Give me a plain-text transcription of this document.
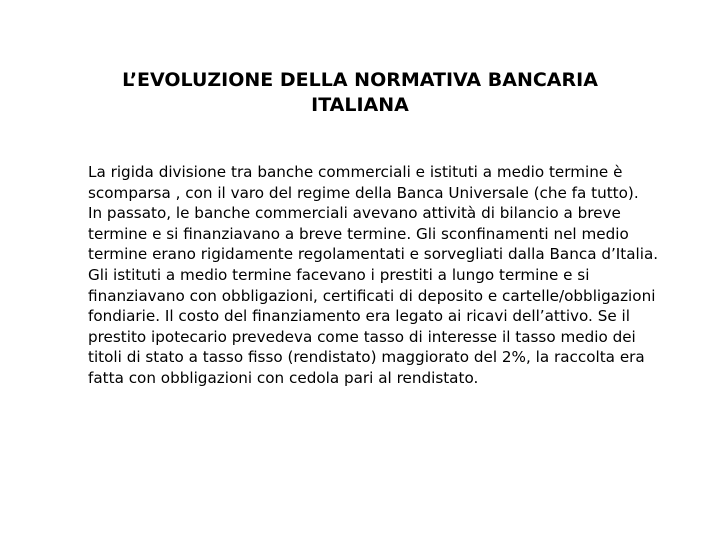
L’EVOLUZIONE DELLA NORMATIVA BANCARIA
ITALIANA

La rigida divisione tra banche commerciali e istituti a medio termine è scomparsa , con il varo del regime della Banca Universale (che fa tutto).

In passato, le banche commerciali avevano attività di bilancio a breve termine e si finanziavano a breve termine. Gli sconfinamenti nel medio termine erano rigidamente regolamentati e sorvegliati dalla Banca d’Italia.

Gli istituti a medio termine facevano i prestiti a lungo termine e si finanziavano con obbligazioni, certificati di deposito e cartelle/obbligazioni fondiarie. Il costo del finanziamento era legato ai ricavi dell’attivo. Se il prestito ipotecario prevedeva come tasso di interesse il tasso medio dei titoli di stato a tasso fisso (rendistato) maggiorato del 2%, la raccolta era fatta con obbligazioni con cedola pari al rendistato.
